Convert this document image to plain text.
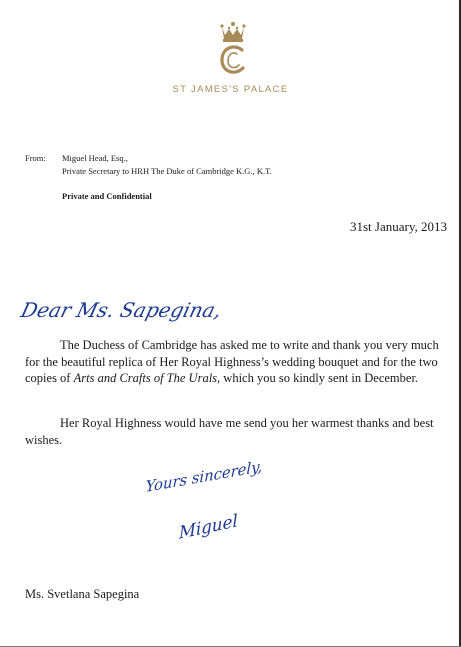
ST JAMES'S PALACE
From: Miguel Head, Esq.,
Private Secretary to HRH The Duke of Cambridge K.G., K.T.
Private and Confidential
31st January, 2013
Dear Ms. Sapegina,
The Duchess of Cambridge has asked me to write and thank you very much for the beautiful replica of Her Royal Highness’s wedding bouquet and for the two copies of Arts and Crafts of The Urals, which you so kindly sent in December.
Her Royal Highness would have me send you her warmest thanks and best wishes.
Yours sincerely,
Miguel
Ms. Svetlana Sapegina
